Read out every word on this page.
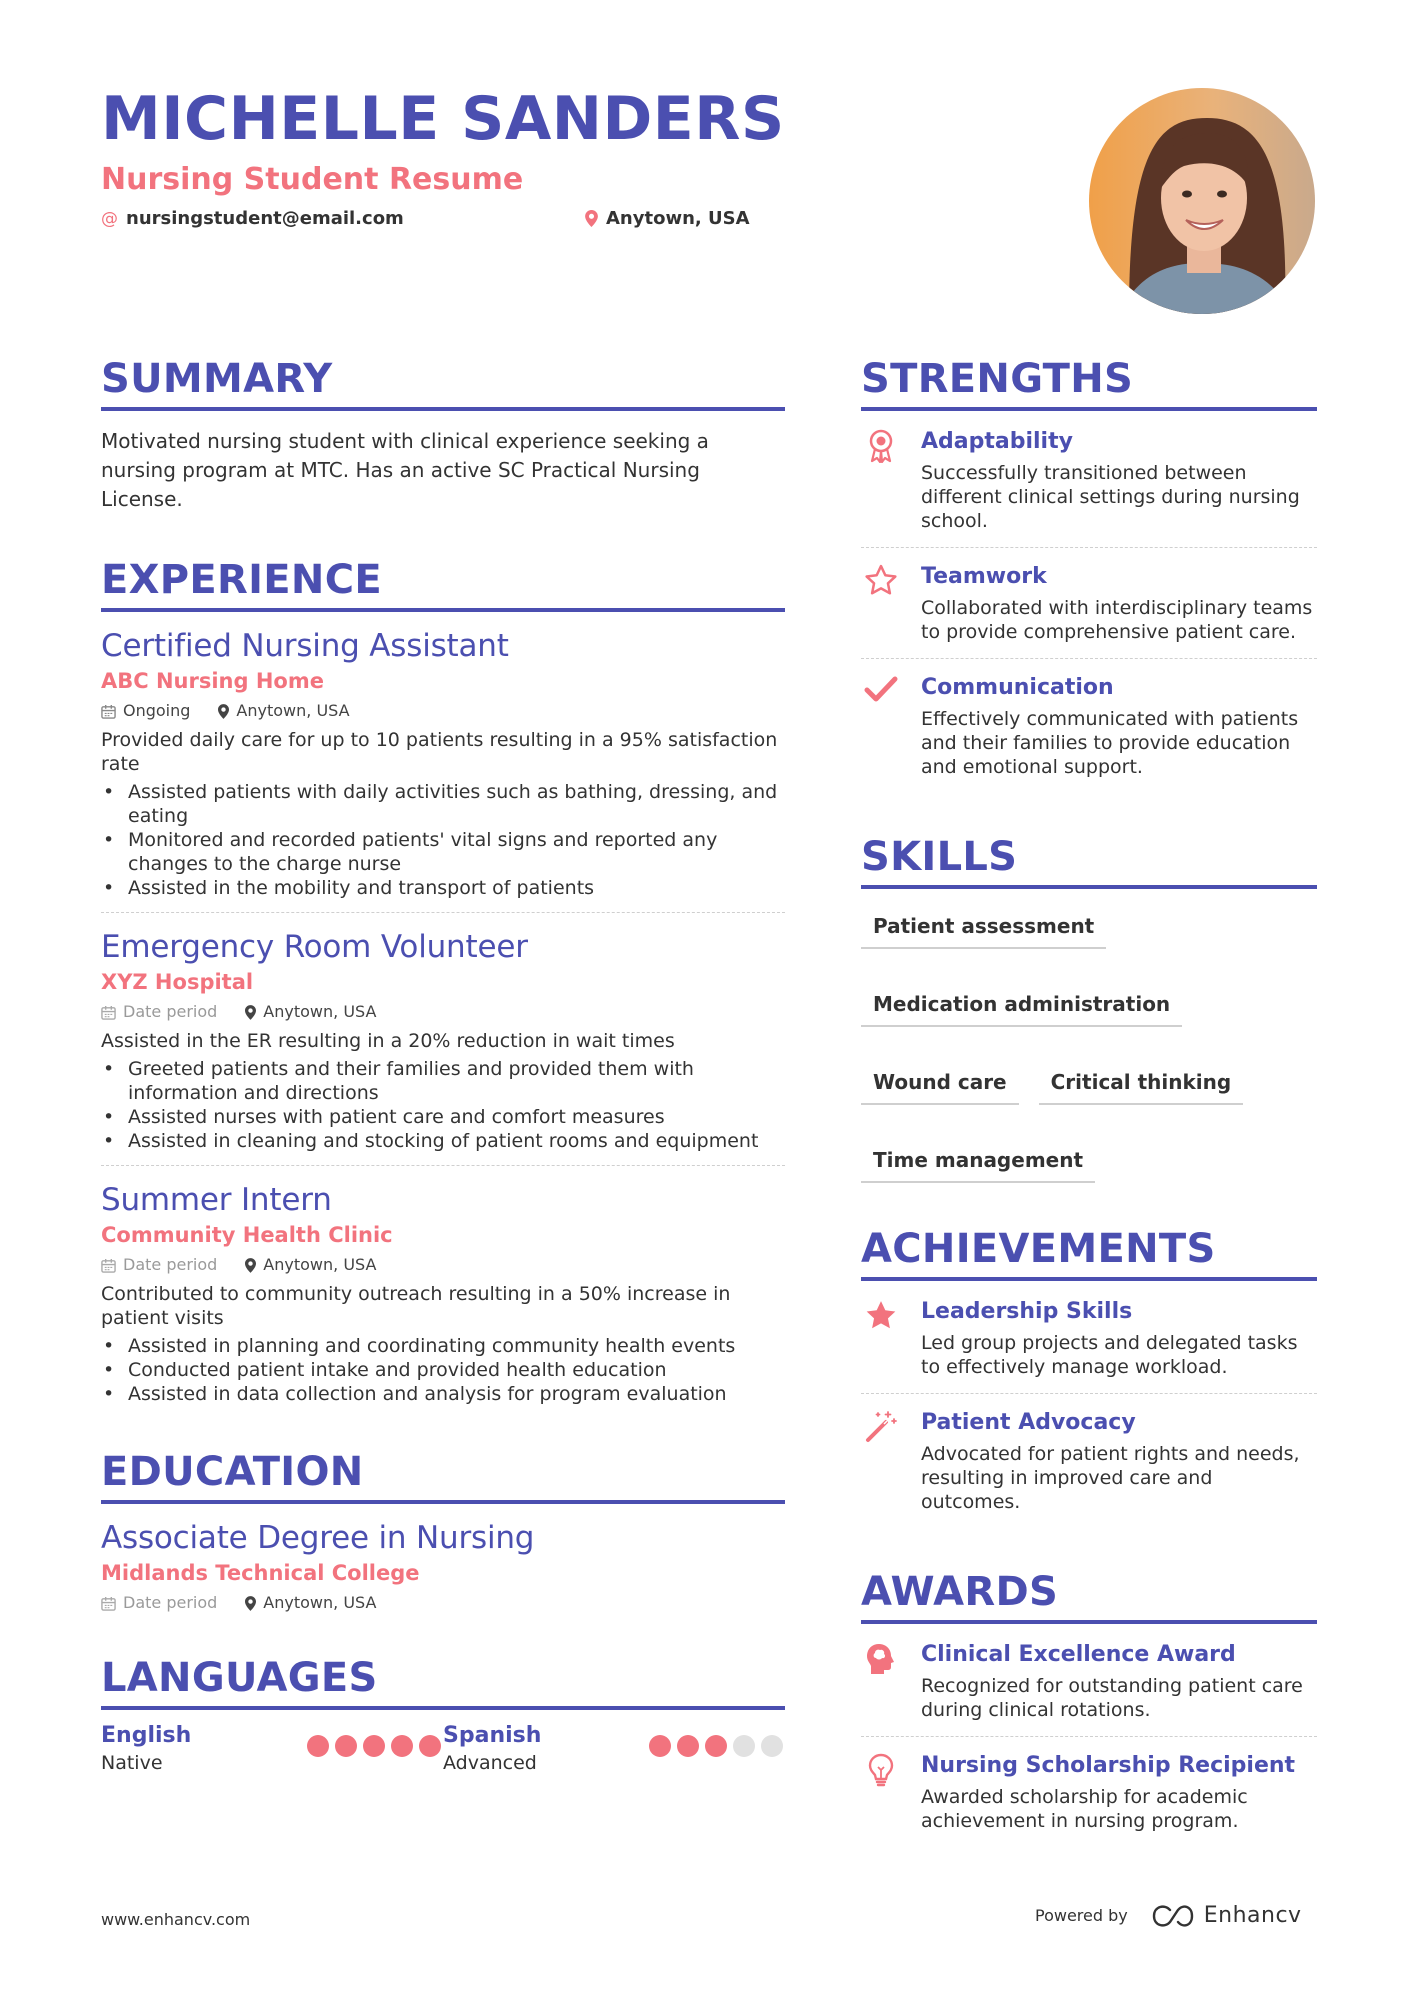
MICHELLE SANDERS
Nursing Student Resume
@ nursingstudent@email.com	Anytown, USA
SUMMARY

Motivated nursing student with clinical experience seeking a nursing program at MTC. Has an active SC Practical Nursing License.

EXPERIENCE
Certified Nursing Assistant
ABC Nursing Home
Ongoing	Anytown, USA
Provided daily care for up to 10 patients resulting in a 95% satisfaction rate
• Assisted patients with daily activities such as bathing, dressing, and eating
• Monitored and recorded patients' vital signs and reported any changes to the charge nurse
• Assisted in the mobility and transport of patients
Emergency Room Volunteer
XYZ Hospital
Date period	Anytown, USA
Assisted in the ER resulting in a 20% reduction in wait times
• Greeted patients and their families and provided them with information and directions
• Assisted nurses with patient care and comfort measures
• Assisted in cleaning and stocking of patient rooms and equipment
Summer Intern
Community Health Clinic
Date period	Anytown, USA
Contributed to community outreach resulting in a 50% increase in patient visits
• Assisted in planning and coordinating community health events
• Conducted patient intake and provided health education
• Assisted in data collection and analysis for program evaluation
EDUCATION
Associate Degree in Nursing
Midlands Technical College
Date period	Anytown, USA
LANGUAGES
English
Native
Spanish
Advanced
STRENGTHS
Adaptability
Successfully transitioned between different clinical settings during nursing school.
Teamwork
Collaborated with interdisciplinary teams to provide comprehensive patient care.
Communication
Effectively communicated with patients and their families to provide education and emotional support.
SKILLS
Patient assessment
Medication administration
Wound care	Critical thinking
Time management
ACHIEVEMENTS
Leadership Skills
Led group projects and delegated tasks to effectively manage workload.
Patient Advocacy
Advocated for patient rights and needs, resulting in improved care and outcomes.
AWARDS
Clinical Excellence Award
Recognized for outstanding patient care during clinical rotations.
Nursing Scholarship Recipient
Awarded scholarship for academic achievement in nursing program.
www.enhancv.com	Powered by	Enhancv
